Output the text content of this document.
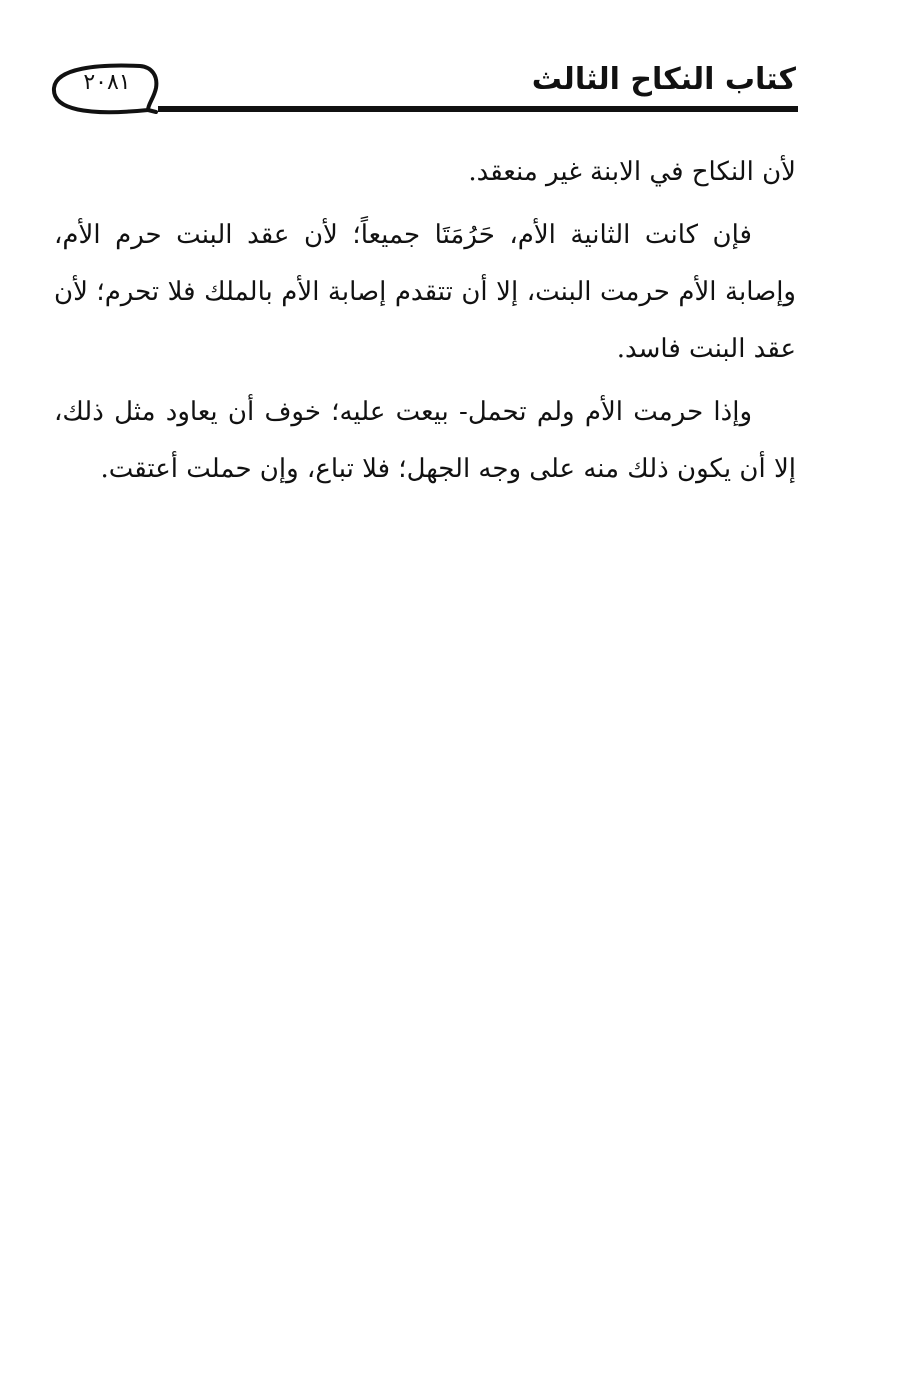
كتاب النكاح الثالث
٢٠٨١

لأن النكاح في الابنة غير منعقد.

فإن كانت الثانية الأم، حَرُمَتَا جميعاً؛ لأن عقد البنت حرم الأم، وإصابة الأم حرمت البنت، إلا أن تتقدم إصابة الأم بالملك فلا تحرم؛ لأن عقد البنت فاسد.

وإذا حرمت الأم ولم تحمل- بيعت عليه؛ خوف أن يعاود مثل ذلك، إلا أن يكون ذلك منه على وجه الجهل؛ فلا تباع، وإن حملت أعتقت.
